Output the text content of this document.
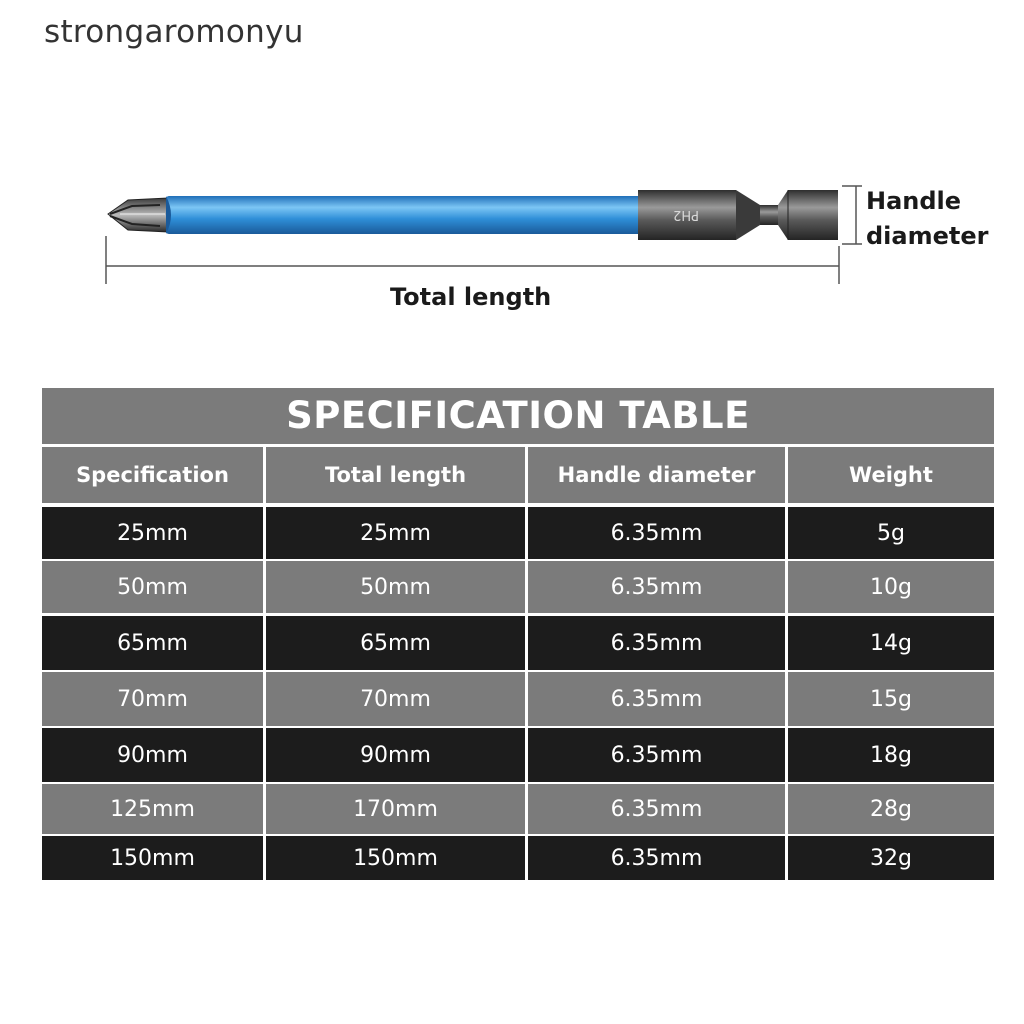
strongaromonyu
PH2	Handle
diameter
Total length
SPECIFICATION TABLE
Specification	Total length	Handle diameter	Weight
25mm	25mm	6.35mm	5g
50mm	50mm	6.35mm	10g
65mm	65mm	6.35mm	14g
70mm	70mm	6.35mm	15g
90mm	90mm	6.35mm	18g
125mm	170mm	6.35mm	28g
150mm	150mm	6.35mm	32g
